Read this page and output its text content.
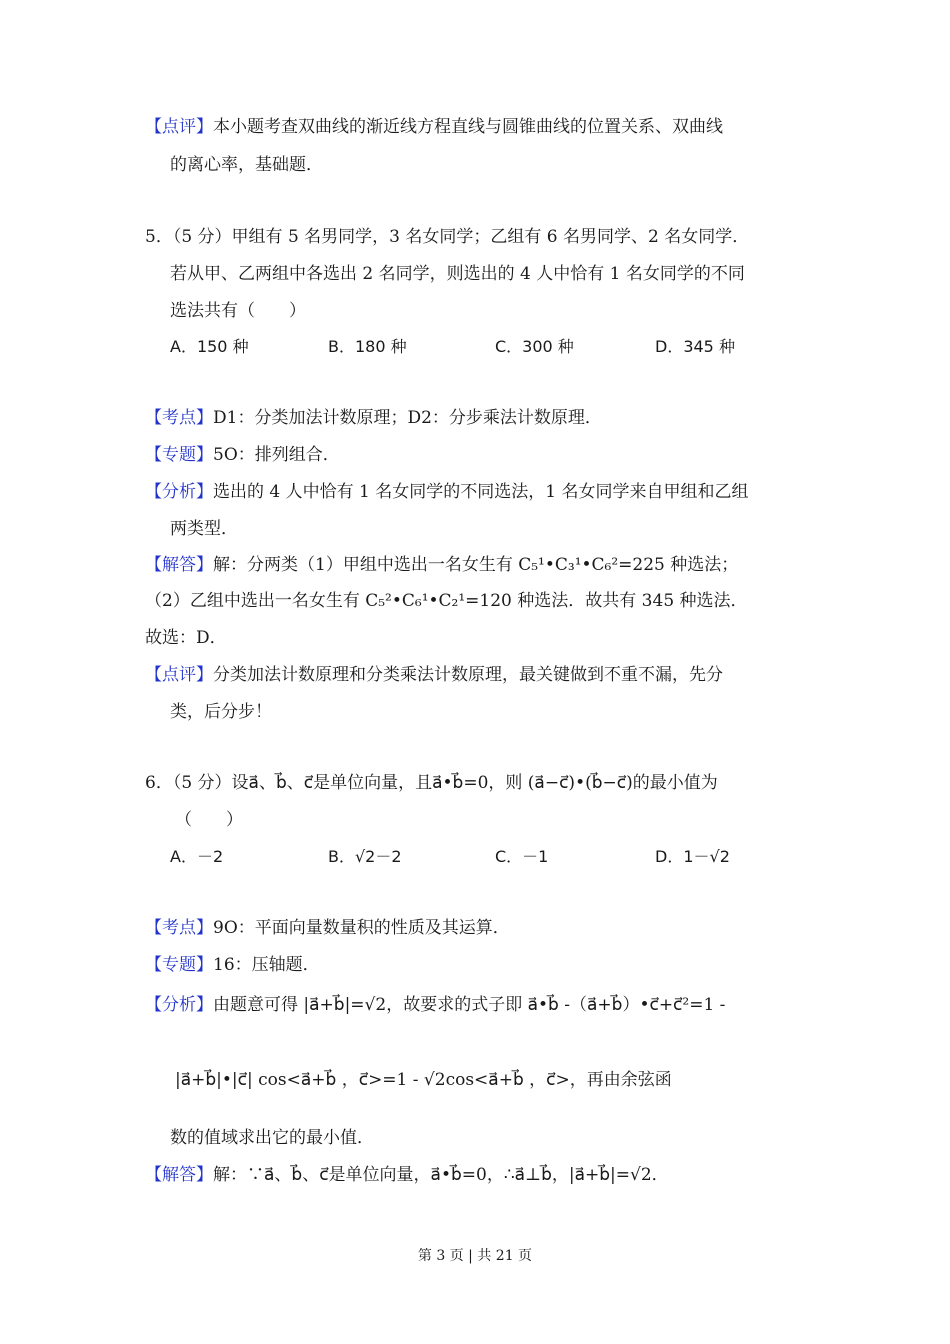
【点评】本小题考查双曲线的渐近线方程直线与圆锥曲线的位置关系、双曲线
的离心率，基础题．
5．（5 分）甲组有 5 名男同学，3 名女同学；乙组有 6 名男同学、2 名女同学．
若从甲、乙两组中各选出 2 名同学，则选出的 4 人中恰有 1 名女同学的不同
选法共有（　　）
A．150 种	B．180 种	C．300 种	D．345 种
【考点】D1：分类加法计数原理；D2：分步乘法计数原理．
【专题】5O：排列组合．
【分析】选出的 4 人中恰有 1 名女同学的不同选法，1 名女同学来自甲组和乙组
两类型．
【解答】解：分两类（1）甲组中选出一名女生有 C₅¹•C₃¹•C₆²=225 种选法；
（2）乙组中选出一名女生有 C₅²•C₆¹•C₂¹=120 种选法．故共有 345 种选法．
故选：D．
【点评】分类加法计数原理和分类乘法计数原理，最关键做到不重不漏，先分
类，后分步！
6．（5 分）设a⃗、b⃗、c⃗是单位向量，且a⃗•b⃗=0，则 (a⃗−c⃗)•(b⃗−c⃗)的最小值为
（　　）
A．－2	B．√2－2	C．－1	D．1－√2
【考点】9O：平面向量数量积的性质及其运算．
【专题】16：压轴题．
【分析】由题意可得 |a⃗+b⃗|=√2，故要求的式子即 a⃗•b⃗ -（a⃗+b⃗）•c⃗+c⃗²=1 -
|a⃗+b⃗|•|c⃗| cos<a⃗+b⃗ ，c⃗>=1 - √2cos<a⃗+b⃗ ，c⃗>，再由余弦函
数的值域求出它的最小值．
【解答】解：∵a⃗、b⃗、c⃗是单位向量，a⃗•b⃗=0，∴a⃗⊥b⃗，|a⃗+b⃗|=√2．
第 3 页 | 共 21 页
